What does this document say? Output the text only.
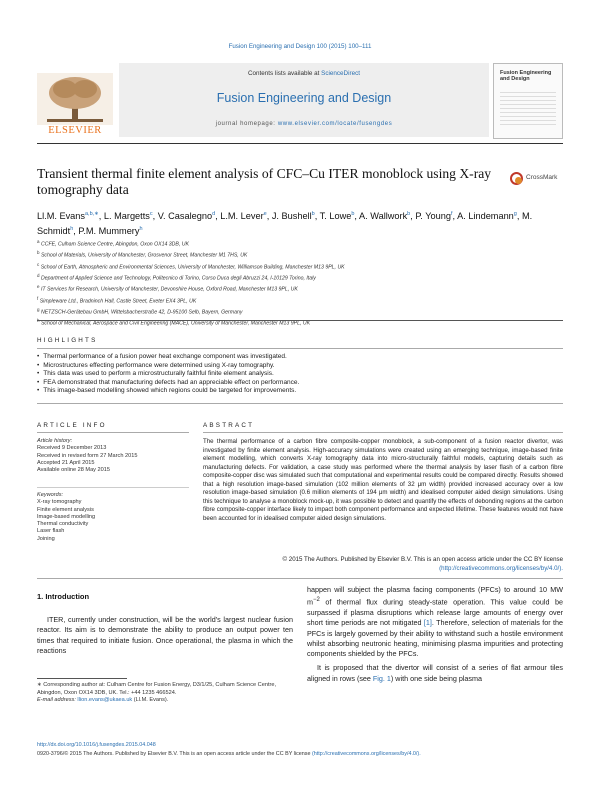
Fusion Engineering and Design 100 (2015) 100–111
ELSEVIER
Contents lists available at ScienceDirect
Fusion Engineering and Design
journal homepage: www.elsevier.com/locate/fusengdes
Fusion Engineering and Design
Transient thermal finite element analysis of CFC–Cu ITER monoblock using X-ray tomography data
CrossMark
Ll.M. Evans$^{a,b,∗}$, L. Margetts$^c$, V. Casalegno$^d$, L.M. Lever$^e$, J. Bushell$^b$, T. Lowe$^b$, A. Wallwork$^b$, P. Young$^f$, A. Lindemann$^g$, M. Schmidt$^h$, P.M. Mummery$^h$
$^a$ CCFE, Culham Science Centre, Abingdon, Oxon OX14 3DB, UK
$^b$ School of Materials, University of Manchester, Grosvenor Street, Manchester M1 7HS, UK
$^c$ School of Earth, Atmospheric and Environmental Sciences, University of Manchester, Williamson Building, Manchester M13 9PL, UK
$^d$ Department of Applied Science and Technology, Politecnico di Torino, Corso Duca degli Abruzzi 24, I-10129 Torino, Italy
$^e$ IT Services for Research, University of Manchester, Devonshire House, Oxford Road, Manchester M13 9PL, UK
$^f$ Simpleware Ltd., Bradninch Hall, Castle Street, Exeter EX4 3PL, UK
$^g$ NETZSCH-Gerätebau GmbH, Wittelsbacherstraße 42, D-95100 Selb, Bayern, Germany
$^h$ School of Mechanical, Aerospace and Civil Engineering (MACE), University of Manchester, Manchester M13 9PL, UK
HIGHLIGHTS
• Thermal performance of a fusion power heat exchange component was investigated.
• Microstructures effecting performance were determined using X-ray tomography.
• This data was used to perform a microstructurally faithful finite element analysis.
• FEA demonstrated that manufacturing defects had an appreciable effect on performance.
• This image-based modelling showed which regions could be targeted for improvements.
ARTICLE INFO	ABSTRACT
Article history:
Received 9 December 2013
Received in revised form 27 March 2015
Accepted 21 April 2015
Available online 28 May 2015
Keywords:
X-ray tomography
Finite element analysis
Image-based modelling
Thermal conductivity
Laser flash
Joining
The thermal performance of a carbon fibre composite-copper monoblock, a sub-component of a fusion reactor divertor, was investigated by finite element analysis. High-accuracy simulations were created using an emerging technique, image-based finite element modelling, which converts X-ray tomography data into micro-structurally faithful models, capturing details such as manufacturing defects. For validation, a case study was performed where the thermal analysis by laser flash of a carbon fibre composite-copper disc was simulated such that computational and experimental results could be compared directly. Results showed that a high resolution image-based simulation (102 million elements of 32 μm width) provided increased accuracy over a low resolution image-based simulation (0.6 million elements of 194 μm width) and idealised computer aided design simulations. Using this technique to analyse a monoblock mock-up, it was possible to detect and quantify the effects of debonding regions at the carbon fibre composite-copper interface likely to impact both component performance and expected lifetime. These features would not have been accounted for in idealised computer aided design simulations.
© 2015 The Authors. Published by Elsevier B.V. This is an open access article under the CC BY license (http://creativecommons.org/licenses/by/4.0/).
1. Introduction
ITER, currently under construction, will be the world's largest nuclear fusion reactor. Its aim is to demonstrate the ability to produce an output power ten times that required to initiate fusion. Once operational, the plasma in which the reactions

happen will subject the plasma facing components (PFCs) to around 10 MW $m^{-2}$ of thermal flux during steady-state operation. This value could be surpassed if plasma disruptions which release large amounts of energy over short time periods are not mitigated [1]. Therefore, selection of materials for the PFCs is largely governed by their ability to withstand such a hostile environment whilst absorbing neutronic heating, minimising plasma impurities and protecting components shielded by the PFCs.

It is proposed that the divertor will consist of a series of flat armour tiles aligned in rows (see Fig. 1) with one side being plasma

∗ Corresponding author at: Culham Centre for Fusion Energy, D3/1/25, Culham Science Centre, Abingdon, Oxon OX14 3DB, UK. Tel.: +44 1235 466524.
E-mail address: llion.evans@ukaea.uk (Ll.M. Evans).
http://dx.doi.org/10.1016/j.fusengdes.2015.04.048
0920-3796/© 2015 The Authors. Published by Elsevier B.V. This is an open access article under the CC BY license (http://creativecommons.org/licenses/by/4.0/).
